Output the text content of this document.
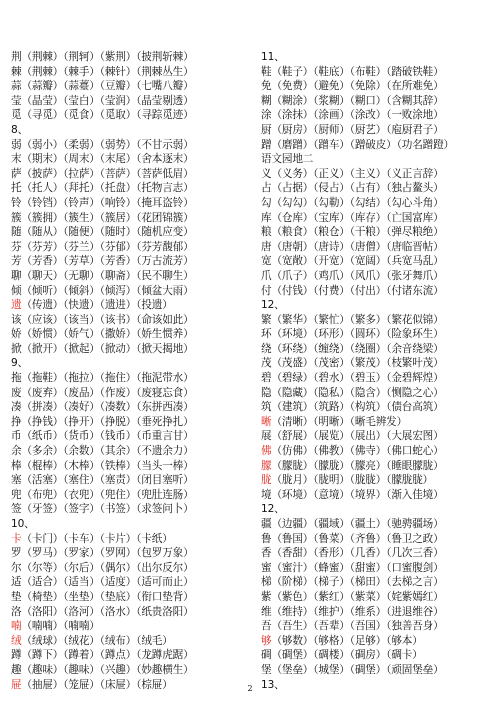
荆（荆棘）（荆轲）（紫荆）（披荆斩棘）
棘（荆棘）（棘手）（棘针）（荆棘丛生）
蒜（蒜瓣）（蒜薹）（豆瓣）（七嘴八瓣）
莹（晶莹）（莹白）（莹润）（晶莹剔透）
觅（寻觅）（觅食）（觅取）（寻踪觅迹）
8、
弱（弱小）（柔弱）（弱势）（不甘示弱）
末（期末）（周末）（末尾）（舍本逐末）
萨（披萨）（拉萨）（菩萨）（菩萨低眉）
托（托人）（拜托）（托盘）（托物言志）
铃（铃铛）（铃声）（响铃）（掩耳盗铃）
簇（簇拥）（簇生）（簇居）（花团锦簇）
随（随从）（随便）（随时）（随机应变）
芬（芬芳）（芬兰）（芬郁）（芬芳馥郁）
芳（芳香）（芳草）（芳香）（万古流芳）
聊（聊天）（无聊）（聊斋）（民不聊生）
倾（倾听）（倾斜）（倾泻）（倾盆大雨）
遗（传遗）（快遗）（遗进）（投遗）
该（应该）（该当）（该书）（命该如此）
娇（娇惯）（娇气）（撒娇）（娇生惯养）
掀（掀开）（掀起）（掀动）（掀天揭地）
9、
拖（拖鞋）（拖拉）（拖住）（拖泥带水）
废（废弃）（废品）（作废）（废寝忘食）
凑（拼凑）（凑好）（凑数）（东拼西凑）
挣（挣钱）（挣开）（挣脱）（垂死挣扎）
币（纸币）（货币）（钱币）（币重言甘）
余（多余）（余数）（其余）（不遗余力）
棒（棍棒）（木棒）（铁棒）（当头一棒）
塞（活塞）（塞住）（塞责）（闭目塞听）
兜（布兜）（衣兜）（兜住）（兜肚连肠）
签（牙签）（签字）（书签）（求签问卜）
10、
卡（卡门）（卡车）（卡片）（卡纸）
罗（罗马）（罗家）（罗网）（包罗万象）
尔（尔等）（尔后）（偶尔）（出尔反尔）
适（适合）（适当）（适度）（适可而止）
垫（椅垫）（坐垫）（垫底）（衔口垫背）
洛（洛阳）（洛河）（洛水）（纸贵洛阳）
喃（喃喃）（喃喃）
绒（绒球）（绒花）（绒布）（绒毛）
蹲（蹲下）（蹲着）（蹲点）（龙蹲虎踞）
趣（趣味）（趣味）（兴趣）（妙趣横生）
屉（抽屉）（笼屉）（床屉）（棕屉）
11、
鞋（鞋子）（鞋底）（布鞋）（踏破铁鞋）
免（免费）（避免）（免除）（在所难免）
糊（糊涂）（浆糊）（糊口）（含糊其辞）
涂（涂抹）（涂画）（涂改）（一败涂地）
厨（厨房）（厨师）（厨艺）（庖厨君子）
蹭（磨蹭）（蹭车）（蹭破皮）（功名蹭蹬）
语文园地二
义（义务）（正义）（主义）（义正言辞）
占（占据）（侵占）（占有）（独占鳌头）
勾（勾勾）（勾勒）（勾结）（勾心斗角）
库（仓库）（宝库）（库存）（亡国富库）
粮（粮食）（粮仓）（干粮）（弹尽粮绝）
唐（唐朝）（唐诗）（唐僧）（唐临晋帖）
宽（宽敞）（开宽）（宽阔）（兵宽马乱）
爪（爪子）（鸡爪）（风爪）（张牙舞爪）
付（付钱）（付费）（付出）（付诸东流）
12、
繁（繁华）（繁忙）（繁多）（繁花似锦）
环（环境）（环形）（圆环）（险象环生）
绕（环绕）（缠绕）（绕圈）（余音绕梁）
茂（茂盛）（茂密）（繁茂）（枝繁叶茂）
碧（碧绿）（碧水）（碧玉）（金碧辉煌）
隐（隐藏）（隐私）（隐含）（恻隐之心）
筑（建筑）（筑路）（构筑）（债台高筑）
晰（清晰）（明晰）（晰毛辨发）
展（舒展）（展览）（展出）（大展宏图）
佛（仿佛）（佛教）（佛寺）（佛口蛇心）
朦（朦胧）（朦胧）（朦亮）（睡眼朦胧）
胧（胧月）（胧明）（胧胧）（朦胧胧）
境（环境）（意境）（境界）（渐入佳境）
12、
疆（边疆）（疆域）（疆土）（驰骋疆场）
鲁（鲁国）（鲁菜）（齐鲁）（鲁卫之政）
香（香甜）（香形）（几香）（几次三香）
蜜（蜜汁）（蜂蜜）（甜蜜）（口蜜腹剑）
梯（阶梯）（梯子）（梯田）（去梯之言）
紫（紫色）（紫红）（紫菜）（姹紫嫣红）
维（维持）（维护）（维系）（进退维谷）
吾（吾生）（吾辈）（吾国）（独善吾身）
够（够数）（够格）（足够）（够本）
碉（碉堡）（碉楼）（碉房）（碉卡）
堡（堡垒）（城堡）（碉堡）（顽固堡垒）
13、
2
